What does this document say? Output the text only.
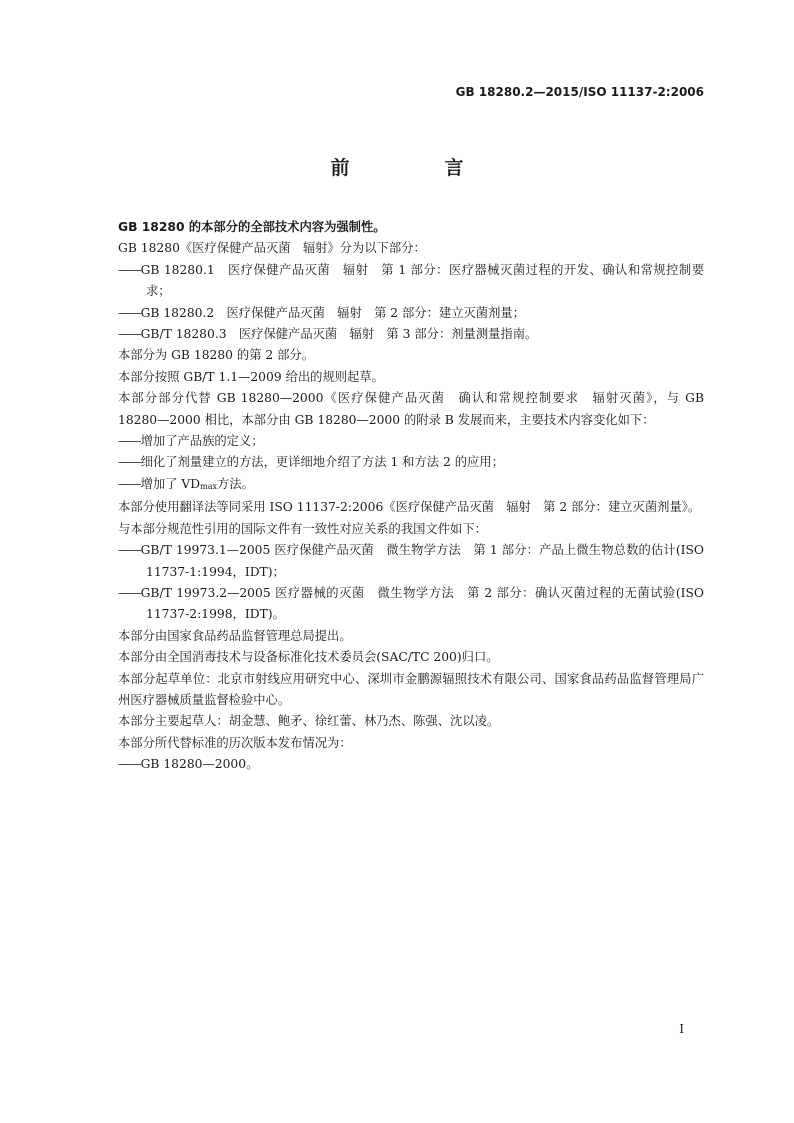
GB 18280.2—2015/ISO 11137-2:2006
前　言

GB 18280 的本部分的全部技术内容为强制性。

GB 18280《医疗保健产品灭菌　辐射》分为以下部分：

——GB 18280.1　医疗保健产品灭菌　辐射　第 1 部分：医疗器械灭菌过程的开发、确认和常规控制要求；

——GB 18280.2　医疗保健产品灭菌　辐射　第 2 部分：建立灭菌剂量；

——GB/T 18280.3　医疗保健产品灭菌　辐射　第 3 部分：剂量测量指南。

本部分为 GB 18280 的第 2 部分。

本部分按照 GB/T 1.1—2009 给出的规则起草。

本部分部分代替 GB 18280—2000《医疗保健产品灭菌　确认和常规控制要求　辐射灭菌》，与 GB 18280—2000 相比，本部分由 GB 18280—2000 的附录 B 发展而来，主要技术内容变化如下：

——增加了产品族的定义；

——细化了剂量建立的方法，更详细地介绍了方法 1 和方法 2 的应用；

——增加了 $VD_{max}$方法。

本部分使用翻译法等同采用 ISO 11137-2:2006《医疗保健产品灭菌　辐射　第 2 部分：建立灭菌剂量》。

与本部分规范性引用的国际文件有一致性对应关系的我国文件如下：

——GB/T 19973.1—2005 医疗保健产品灭菌　微生物学方法　第 1 部分：产品上微生物总数的估计(ISO 11737-1:1994，IDT)；

——GB/T 19973.2—2005 医疗器械的灭菌　微生物学方法　第 2 部分：确认灭菌过程的无菌试验(ISO 11737-2:1998，IDT)。

本部分由国家食品药品监督管理总局提出。

本部分由全国消毒技术与设备标准化技术委员会(SAC/TC 200)归口。

本部分起草单位：北京市射线应用研究中心、深圳市金鹏源辐照技术有限公司、国家食品药品监督管理局广州医疗器械质量监督检验中心。

本部分主要起草人：胡金慧、鲍矛、徐红蕾、林乃杰、陈强、沈以凌。

本部分所代替标准的历次版本发布情况为：

——GB 18280—2000。

I
